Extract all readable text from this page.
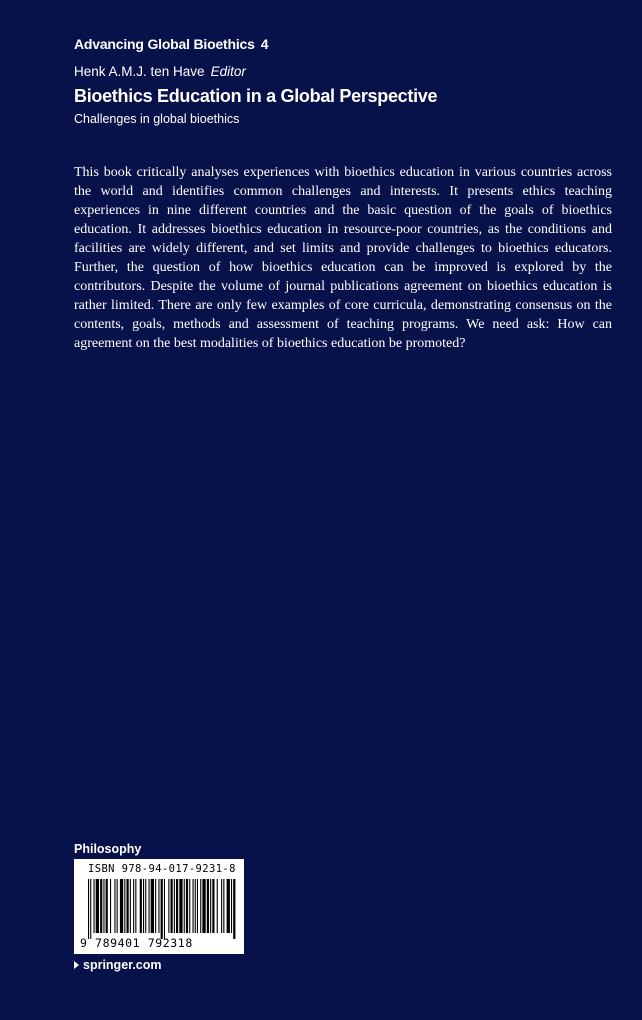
Advancing Global Bioethics 4
Henk A.M.J. ten Have Editor
Bioethics Education in a Global Perspective
Challenges in global bioethics

This book critically analyses experiences with bioethics education in various countries across the world and identifies common challenges and interests. It presents ethics teaching experiences in nine different countries and the basic question of the goals of bioethics education. It addresses bioethics education in resource-poor countries, as the conditions and facilities are widely different, and set limits and provide challenges to bioethics educators. Further, the question of how bioethics education can be improved is explored by the contributors. Despite the volume of journal publications agreement on bioethics education is rather limited. There are only few examples of core curricula, demonstrating consensus on the contents, goals, methods and assessment of teaching programs. We need ask: How can agreement on the best modalities of bioethics education be promoted?

Philosophy
ISBN 978-94-017-9231-8
9 789401 792318
springer.com
